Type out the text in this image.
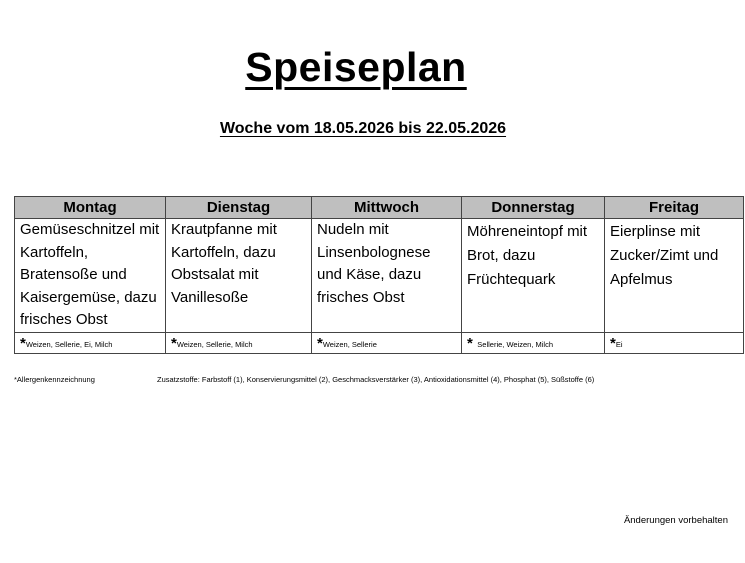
Speiseplan
Woche vom 18.05.2026 bis 22.05.2026
Montag	Dienstag	Mittwoch	Donnerstag	Freitag
Gemüseschnitzel mit Kartoffeln, Bratensoße und Kaisergemüse, dazu frisches Obst	Krautpfanne mit Kartoffeln, dazu Obstsalat mit Vanillesoße	Nudeln mit Linsenbolognese und Käse, dazu frisches Obst	Möhreneintopf mit Brot, dazu Früchtequark	Eierplinse mit Zucker/Zimt und Apfelmus
*Weizen, Sellerie, Ei, Milch	*Weizen, Sellerie, Milch	*Weizen, Sellerie	* Sellerie, Weizen, Milch	*Ei
*Allergenkennzeichnung	Zusatzstoffe: Farbstoff (1), Konservierungsmittel (2), Geschmacksverstärker (3), Antioxidationsmittel (4), Phosphat (5), Süßstoffe (6)
Änderungen vorbehalten
